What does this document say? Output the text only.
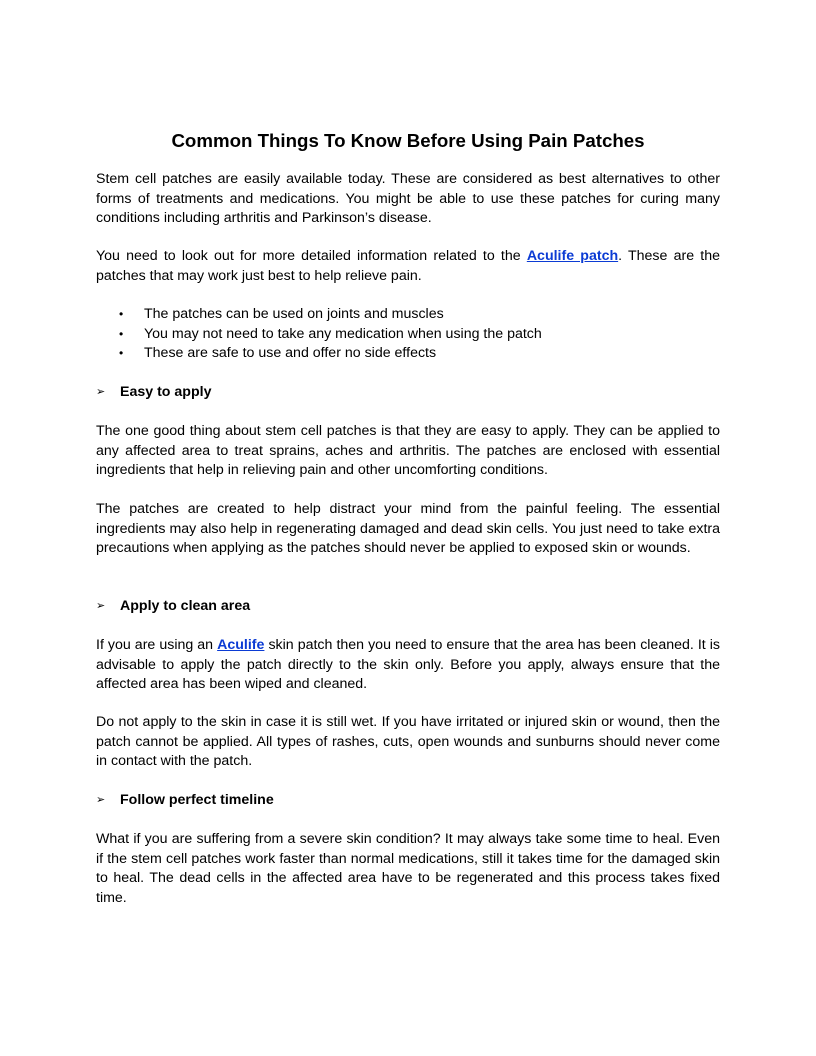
Common Things To Know Before Using Pain Patches

Stem cell patches are easily available today. These are considered as best alternatives to other forms of treatments and medications. You might be able to use these patches for curing many conditions including arthritis and Parkinson’s disease.

You need to look out for more detailed information related to the Aculife patch. These are the patches that may work just best to help relieve pain.

• The patches can be used on joints and muscles
• You may not need to take any medication when using the patch
• These are safe to use and offer no side effects
➢ Easy to apply

The one good thing about stem cell patches is that they are easy to apply. They can be applied to any affected area to treat sprains, aches and arthritis. The patches are enclosed with essential ingredients that help in relieving pain and other uncomforting conditions.

The patches are created to help distract your mind from the painful feeling. The essential ingredients may also help in regenerating damaged and dead skin cells. You just need to take extra precautions when applying as the patches should never be applied to exposed skin or wounds.

➢ Apply to clean area

If you are using an Aculife skin patch then you need to ensure that the area has been cleaned. It is advisable to apply the patch directly to the skin only. Before you apply, always ensure that the affected area has been wiped and cleaned.

Do not apply to the skin in case it is still wet. If you have irritated or injured skin or wound, then the patch cannot be applied. All types of rashes, cuts, open wounds and sunburns should never come in contact with the patch.

➢ Follow perfect timeline

What if you are suffering from a severe skin condition? It may always take some time to heal. Even if the stem cell patches work faster than normal medications, still it takes time for the damaged skin to heal. The dead cells in the affected area have to be regenerated and this process takes fixed time.
